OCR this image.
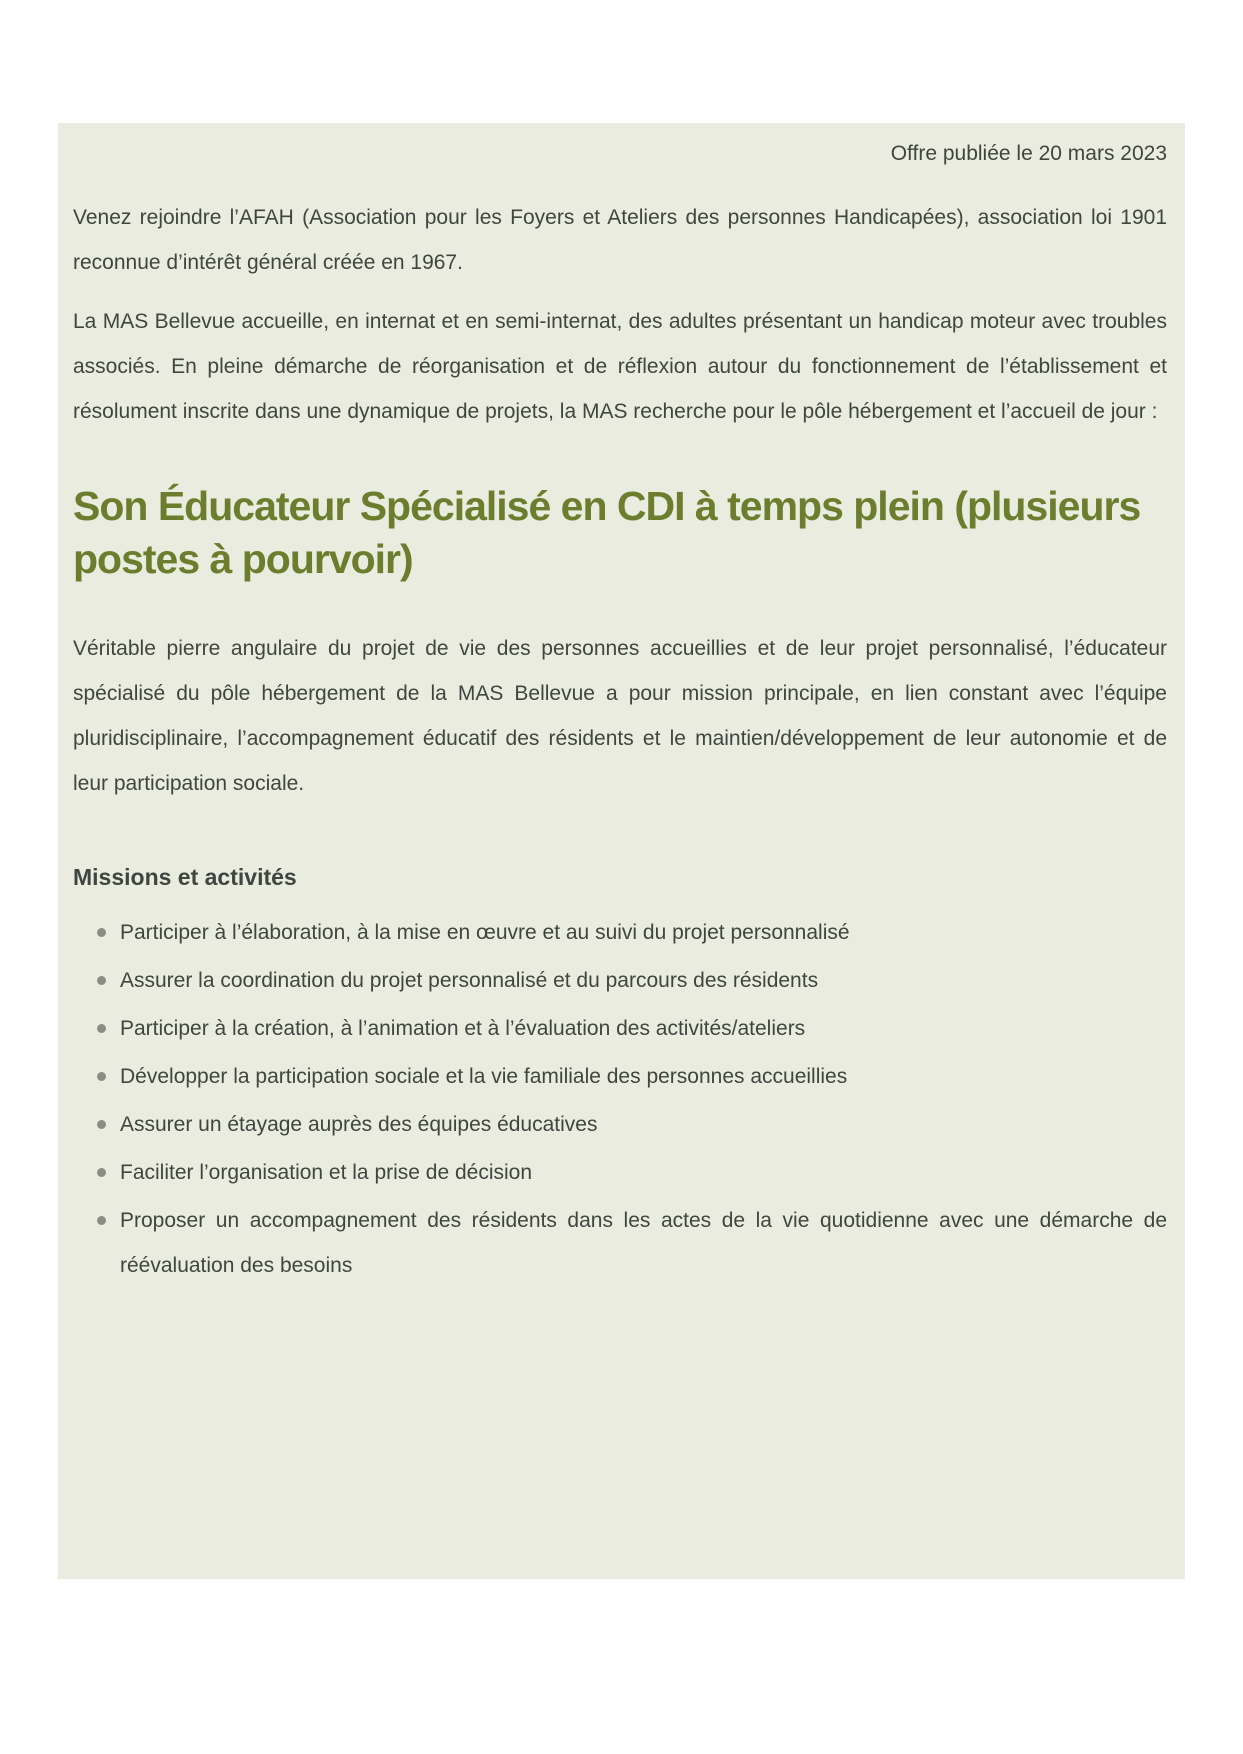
Offre publiée le 20 mars 2023

Venez rejoindre l’AFAH (Association pour les Foyers et Ateliers des personnes Handicapées), association loi 1901 reconnue d’intérêt général créée en 1967.

La MAS Bellevue accueille, en internat et en semi-internat, des adultes présentant un handicap moteur avec troubles associés. En pleine démarche de réorganisation et de réflexion autour du fonctionnement de l’établissement et résolument inscrite dans une dynamique de projets, la MAS recherche pour le pôle hébergement et l’accueil de jour :

Son Éducateur Spécialisé en CDI à temps plein (plusieurs postes à pourvoir)

Véritable pierre angulaire du projet de vie des personnes accueillies et de leur projet personnalisé, l’éducateur spécialisé du pôle hébergement de la MAS Bellevue a pour mission principale, en lien constant avec l’équipe pluridisciplinaire, l’accompagnement éducatif des résidents et le maintien/développement de leur autonomie et de leur participation sociale.

Missions et activités
Participer à l’élaboration, à la mise en œuvre et au suivi du projet personnalisé
Assurer la coordination du projet personnalisé et du parcours des résidents
Participer à la création, à l’animation et à l’évaluation des activités/ateliers
Développer la participation sociale et la vie familiale des personnes accueillies
Assurer un étayage auprès des équipes éducatives
Faciliter l’organisation et la prise de décision
Proposer un accompagnement des résidents dans les actes de la vie quotidienne avec une démarche de réévaluation des besoins
